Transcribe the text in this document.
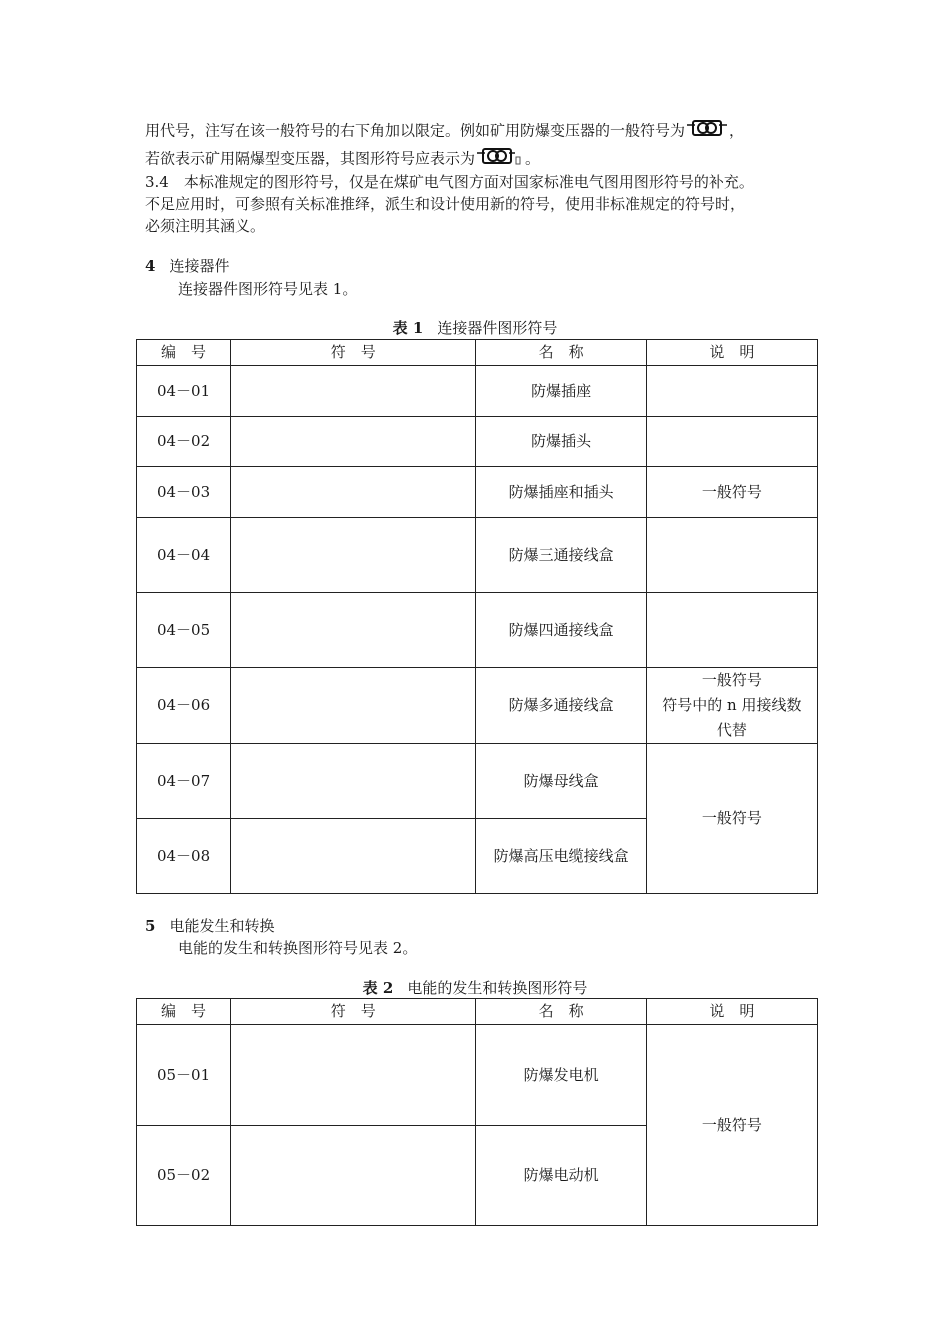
用代号，注写在该一般符号的右下角加以限定。例如矿用防爆变压器的一般符号为	，
若欲表示矿用隔爆型变压器，其图形符号应表示为	。
3.4　本标准规定的图形符号，仅是在煤矿电气图方面对国家标准电气图用图形符号的补充。
不足应用时，可参照有关标准推绎，派生和设计使用新的符号，使用非标准规定的符号时，
必须注明其涵义。
4 连接器件
连接器件图形符号见表 1。
表 1 连接器件图形符号
编　号	符　号	名　称	说　明
04－01		防爆插座	
04－02		防爆插头	
04－03		防爆插座和插头	一般符号
04－04		防爆三通接线盒	
04－05		防爆四通接线盒	
04－06		防爆多通接线盒	一般符号
符号中的 n 用接线数
代替

04－07		防爆母线盒	一般符号
04－08		防爆高压电缆接线盒	
5 电能发生和转换
电能的发生和转换图形符号见表 2。
表 2 电能的发生和转换图形符号
编　号	符　号	名　称	说　明
05－01		防爆发电机	一般符号
05－02		防爆电动机	
